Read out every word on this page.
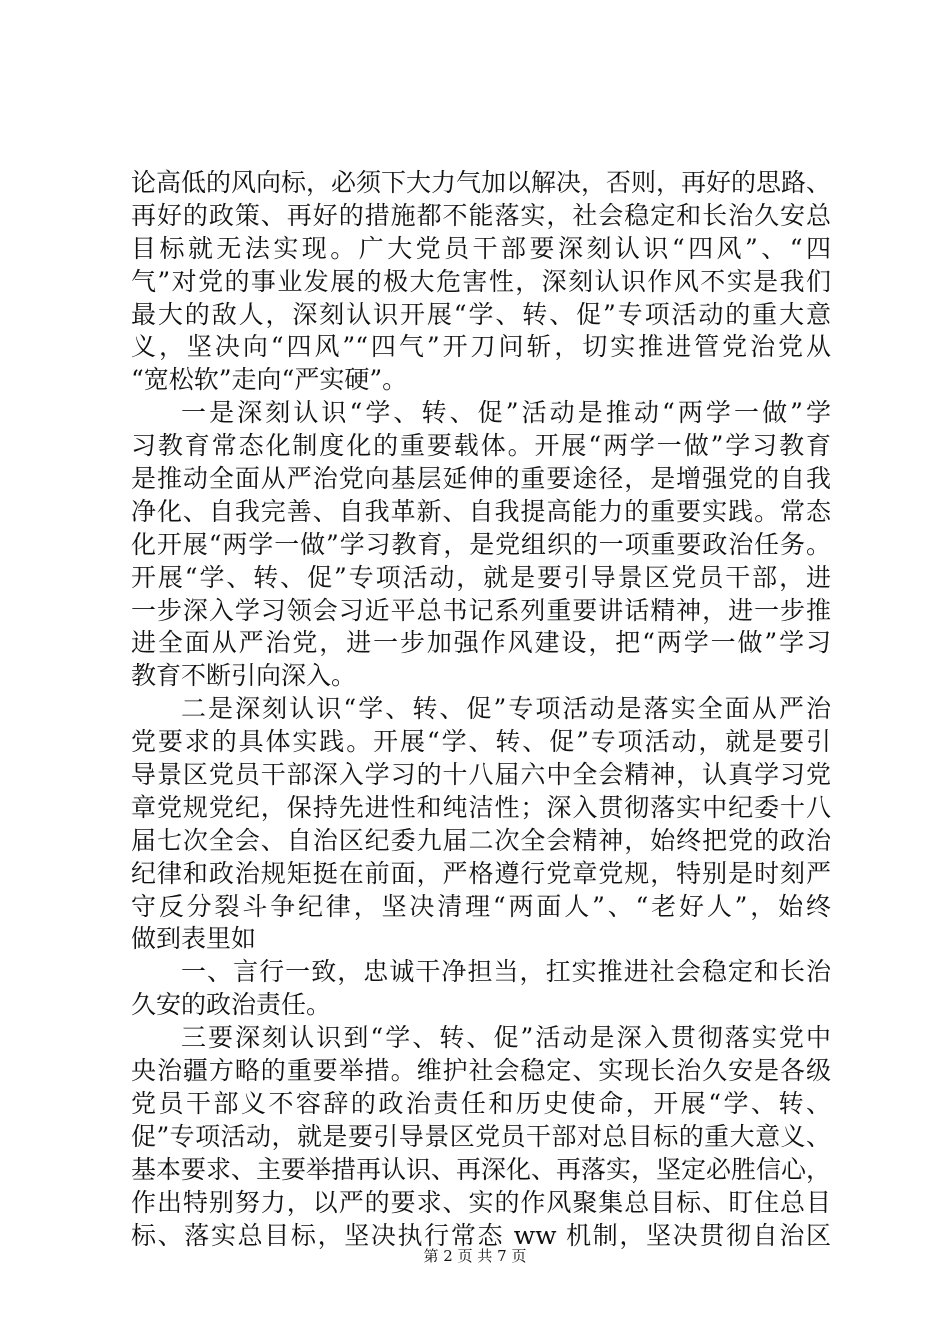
论高低的风向标，必须下大力气加以解决，否则，再好的思路、
再好的政策、再好的措施都不能落实，社会稳定和长治久安总
目标就无法实现。广大党员干部要深刻认识“四风”、“四
气”对党的事业发展的极大危害性，深刻认识作风不实是我们
最大的敌人，深刻认识开展“学、转、促”专项活动的重大意
义，坚决向“四风”“四气”开刀问斩，切实推进管党治党从
“宽松软”走向“严实硬”。
一是深刻认识“学、转、促”活动是推动“两学一做”学
习教育常态化制度化的重要载体。开展“两学一做”学习教育
是推动全面从严治党向基层延伸的重要途径，是增强党的自我
净化、自我完善、自我革新、自我提高能力的重要实践。常态
化开展“两学一做”学习教育，是党组织的一项重要政治任务。
开展“学、转、促”专项活动，就是要引导景区党员干部，进
一步深入学习领会习近平总书记系列重要讲话精神，进一步推
进全面从严治党，进一步加强作风建设，把“两学一做”学习
教育不断引向深入。
二是深刻认识“学、转、促”专项活动是落实全面从严治
党要求的具体实践。开展“学、转、促”专项活动，就是要引
导景区党员干部深入学习的十八届六中全会精神，认真学习党
章党规党纪，保持先进性和纯洁性；深入贯彻落实中纪委十八
届七次全会、自治区纪委九届二次全会精神，始终把党的政治
纪律和政治规矩挺在前面，严格遵行党章党规，特别是时刻严
守反分裂斗争纪律，坚决清理“两面人”、“老好人”，始终
做到表里如
一、言行一致，忠诚干净担当，扛实推进社会稳定和长治
久安的政治责任。
三要深刻认识到“学、转、促”活动是深入贯彻落实党中
央治疆方略的重要举措。维护社会稳定、实现长治久安是各级
党员干部义不容辞的政治责任和历史使命，开展“学、转、
促”专项活动，就是要引导景区党员干部对总目标的重大意义、
基本要求、主要举措再认识、再深化、再落实，坚定必胜信心，
作出特别努力，以严的要求、实的作风聚集总目标、盯住总目
标、落实总目标，坚决执行常态 ww 机制，坚决贯彻自治区
第 2 页 共 7 页
